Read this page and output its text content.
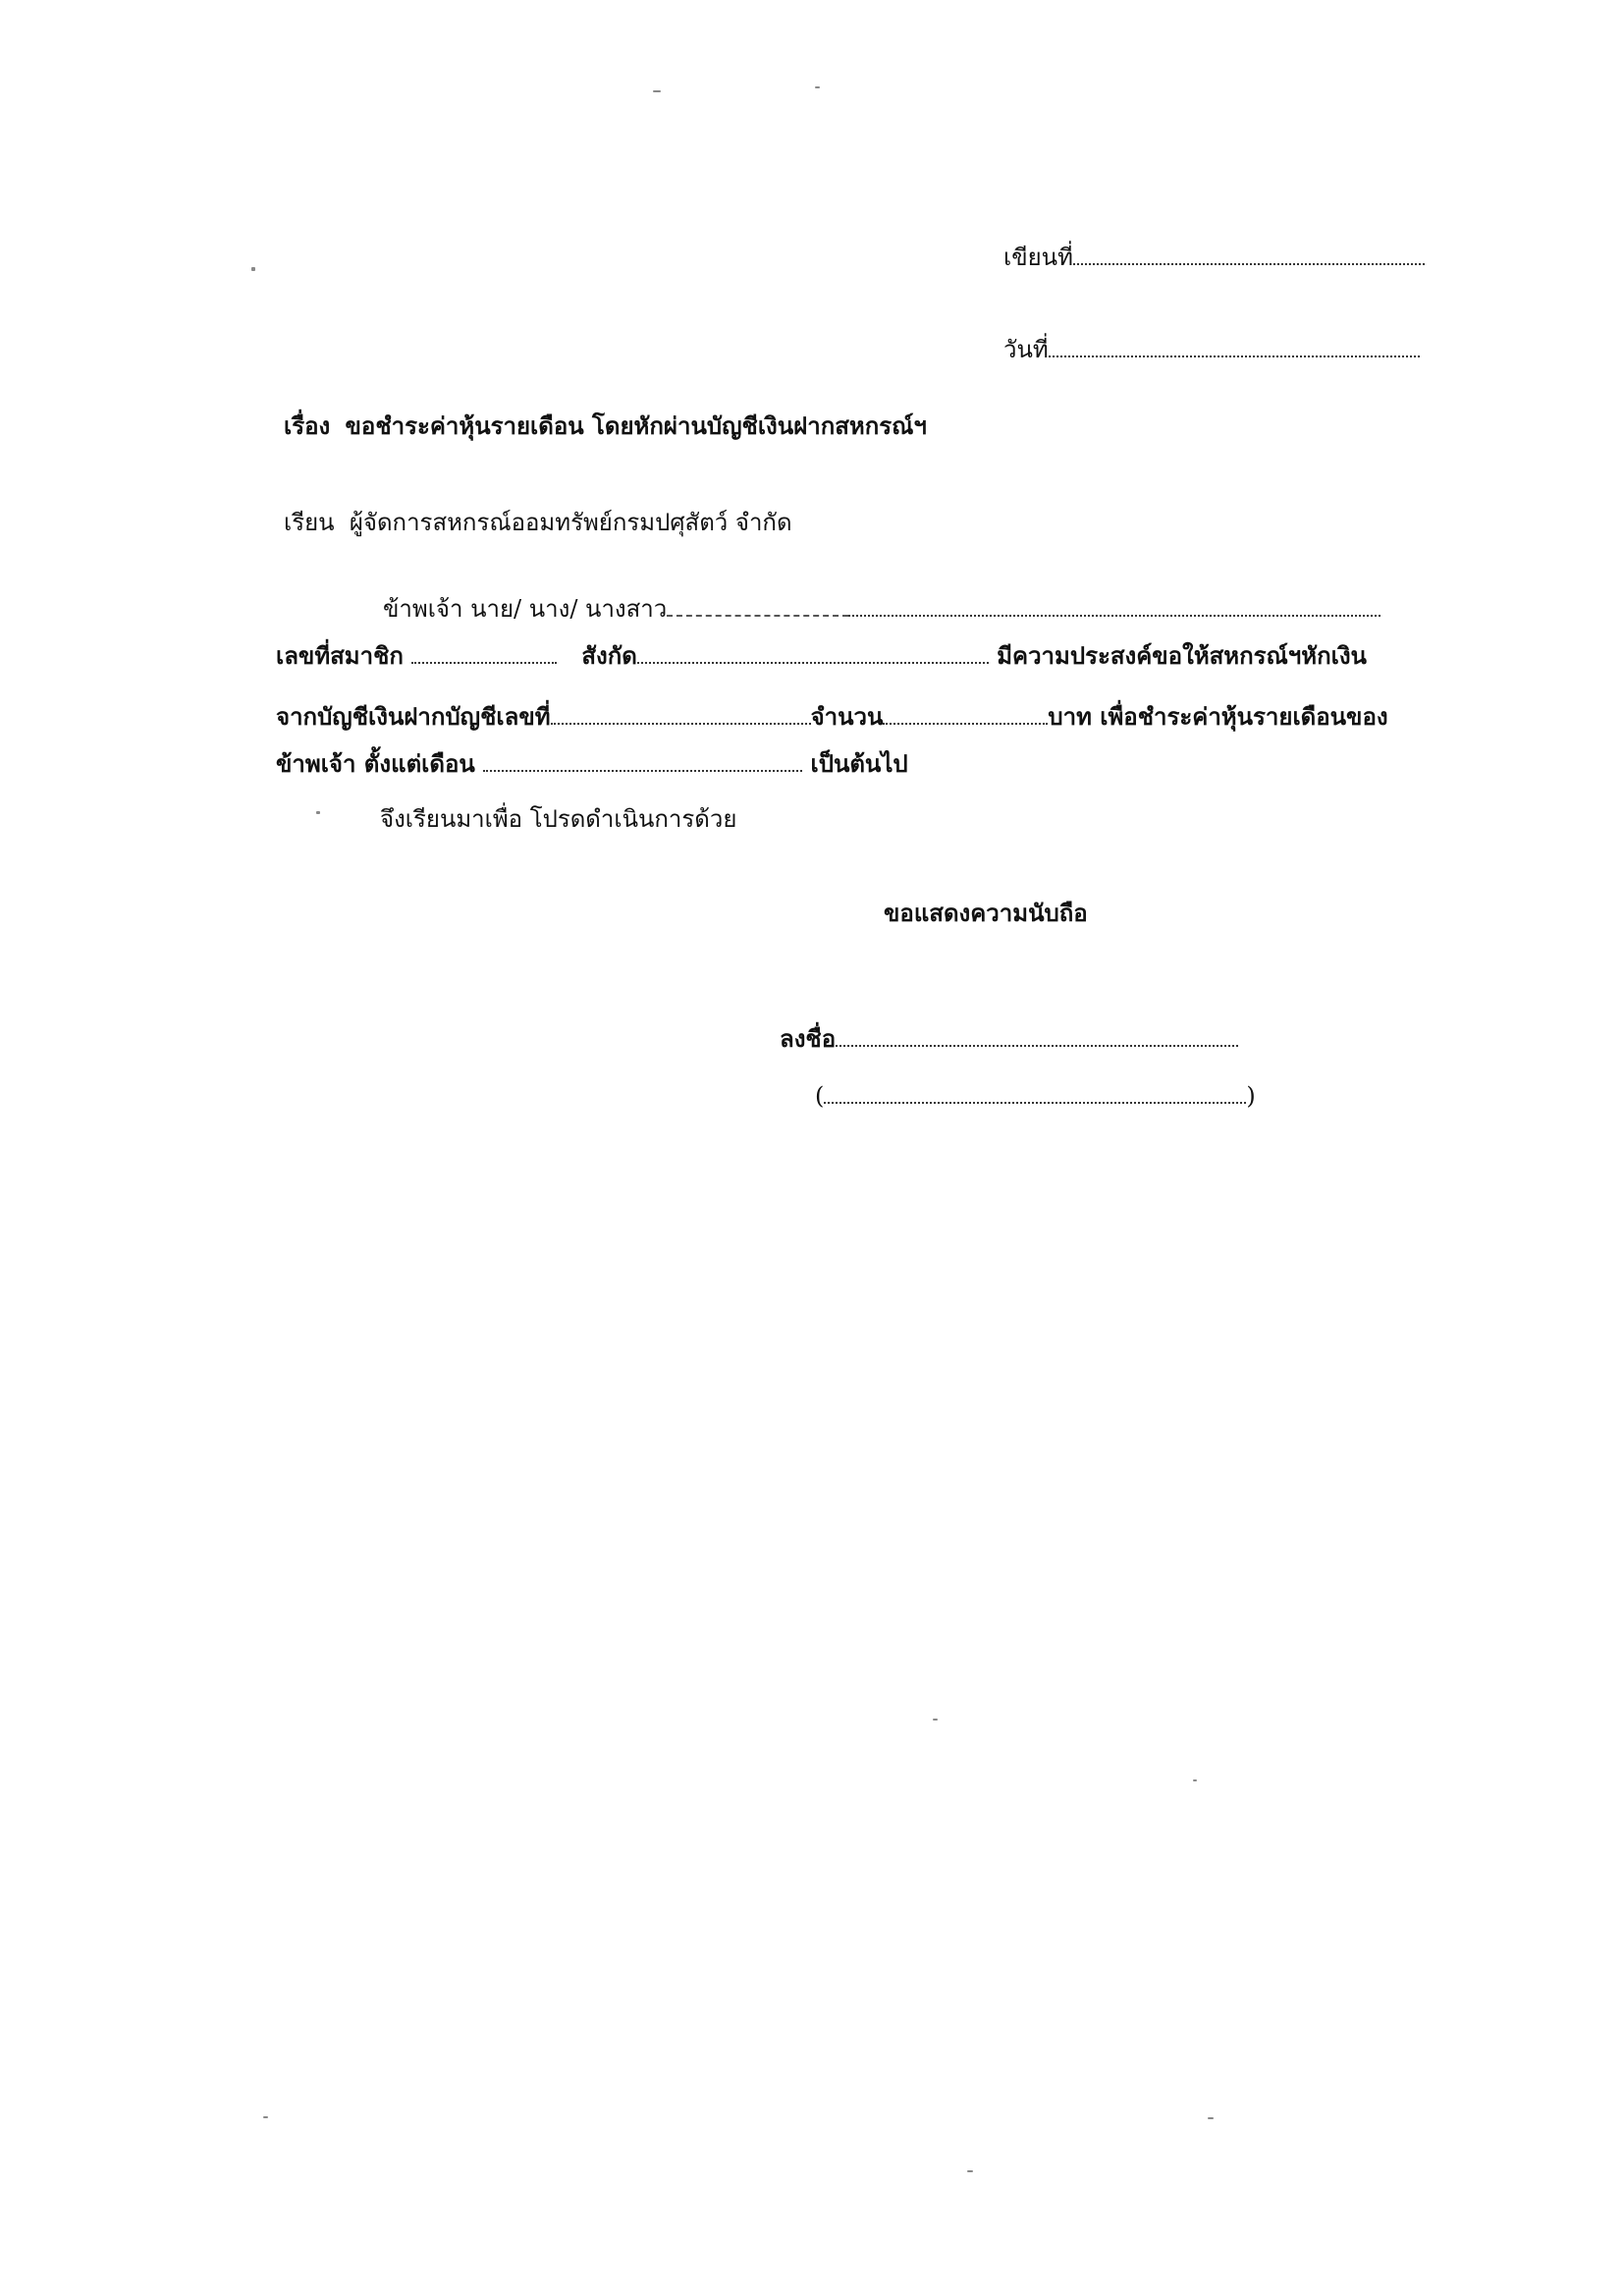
เขียนที่
วันที่
เรื่อง ขอชำระค่าหุ้นรายเดือน โดยหักผ่านบัญชีเงินฝากสหกรณ์ฯ
เรียน ผู้จัดการสหกรณ์ออมทรัพย์กรมปศุสัตว์ จำกัด
ข้าพเจ้า นาย/ นาง/ นางสาว
เลขที่สมาชิก	สังกัด	มีความประสงค์ขอให้สหกรณ์ฯหักเงิน
จากบัญชีเงินฝากบัญชีเลขที่	จำนวน	บาท เพื่อชำระค่าหุ้นรายเดือนของ
ข้าพเจ้า ตั้งแต่เดือน	เป็นต้นไป
จึงเรียนมาเพื่อ โปรดดำเนินการด้วย
ขอแสดงความนับถือ
ลงชื่อ
(	)
